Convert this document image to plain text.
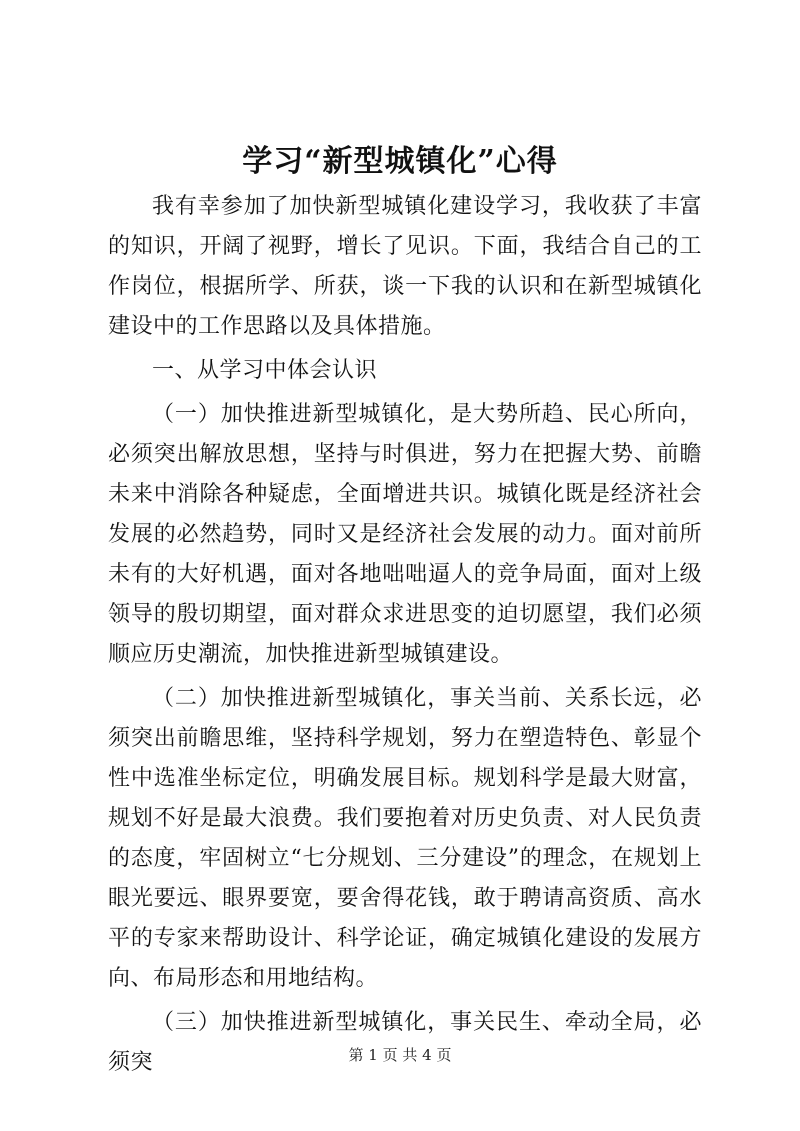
学习“新型城镇化”心得

我有幸参加了加快新型城镇化建设学习，我收获了丰富的知识，开阔了视野，增长了见识。下面，我结合自己的工作岗位，根据所学、所获，谈一下我的认识和在新型城镇化建设中的工作思路以及具体措施。

一、从学习中体会认识

（一）加快推进新型城镇化，是大势所趋、民心所向，必须突出解放思想，坚持与时俱进，努力在把握大势、前瞻未来中消除各种疑虑，全面增进共识。城镇化既是经济社会发展的必然趋势，同时又是经济社会发展的动力。面对前所未有的大好机遇，面对各地咄咄逼人的竞争局面，面对上级领导的殷切期望，面对群众求进思变的迫切愿望，我们必须顺应历史潮流，加快推进新型城镇建设。

（二）加快推进新型城镇化，事关当前、关系长远，必须突出前瞻思维，坚持科学规划，努力在塑造特色、彰显个性中选准坐标定位，明确发展目标。规划科学是最大财富，规划不好是最大浪费。我们要抱着对历史负责、对人民负责的态度，牢固树立“七分规划、三分建设”的理念，在规划上眼光要远、眼界要宽，要舍得花钱，敢于聘请高资质、高水平的专家来帮助设计、科学论证，确定城镇化建设的发展方向、布局形态和用地结构。

（三）加快推进新型城镇化，事关民生、牵动全局，必须突	第 1 页 共 4 页
